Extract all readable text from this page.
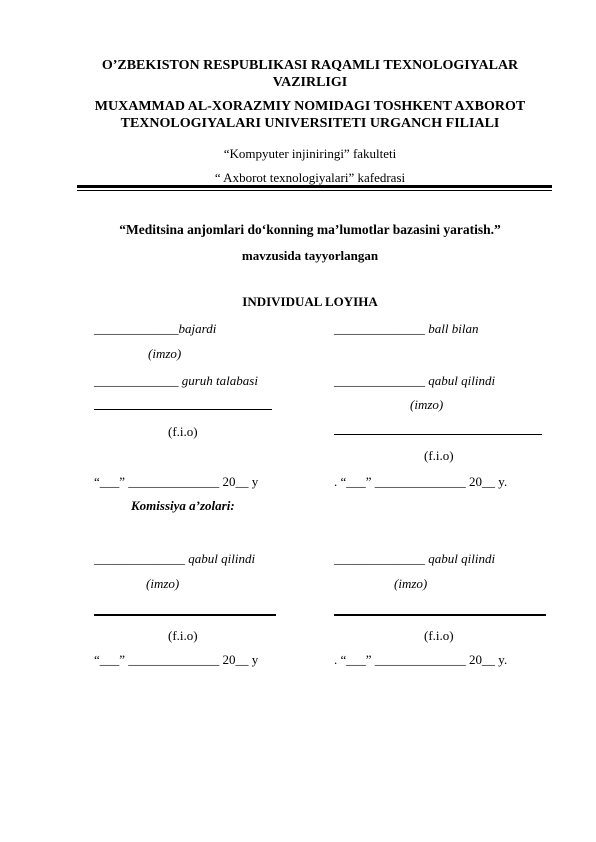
O’ZBEKISTON RESPUBLIKASI RAQAMLI TEXNOLOGIYALAR VAZIRLIGI
MUXAMMAD AL-XORAZMIY NOMIDAGI TOSHKENT AXBOROT TEXNOLOGIYALARI UNIVERSITETI URGANCH FILIALI
“Kompyuter injiniringi” fakulteti
“ Axborot texnologiyalari” kafedrasi
“Meditsina anjomlari do‘konning ma’lumotlar bazasini yaratish.”
mavzusida tayyorlangan
INDIVIDUAL LOYIHA
_____________bajardi
(imzo)
_____________ guruh talabasi
(f.i.o)
“___” ______________ 20__ y
______________ ball bilan
______________ qabul qilindi
(imzo)
(f.i.o)
. “___” ______________ 20__ y.
Komissiya a’zolari:
______________ qabul qilindi
(imzo)
(f.i.o)
“___” ______________ 20__ y
______________ qabul qilindi
(imzo)
(f.i.o)
. “___” ______________ 20__ y.
